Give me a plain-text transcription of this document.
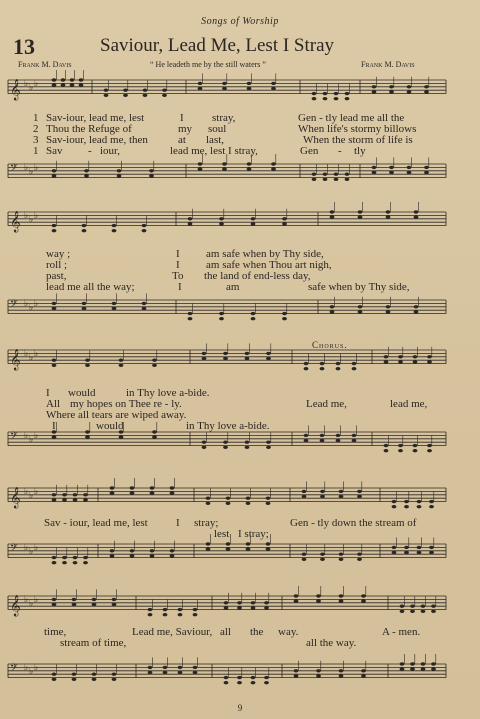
Songs of Worship
13	Saviour, Lead Me, Lest I Stray
Frank M. Davis	“ He leadeth me by the still waters ”	Frank M. Davis
𝄞 ♭ ♭ ♭
𝄢 ♭ ♭ ♭
𝄞 ♭ ♭ ♭
𝄢 ♭ ♭ ♭
𝄞 ♭ ♭ ♭
𝄢 ♭ ♭ ♭
𝄞 ♭ ♭ ♭
𝄢 ♭ ♭ ♭
𝄞 ♭ ♭ ♭
𝄢 ♭ ♭ ♭
1 Sav-iour, lead me, lest	I	stray,	Gen - tly lead me all the
2 Thou the Refuge of	my soul	When life's stormy billows
3 Sav-iour, lead me, then	at last,	When the storm of life is
1 Sav - iour,	lead me, lest I stray,	Gen - tly
way ;	I am safe when by Thy side,
roll ;	I am safe when Thou art nigh,
past,	To the land of end-less day,
lead me all the way;	I	am	safe when by Thy side,
Chorus.
I would	in Thy love a-bide.
All my hopes on Thee re - ly.	Lead me,	lead me,
Where all tears are wiped away.
I	would	in Thy love a-bide.
Sav - iour, lead me, lest	I stray;	Gen - tly down the stream of
lest I stray;
time,	Lead me, Saviour, all the way.	A - men.
stream of time,	all the way.
9
